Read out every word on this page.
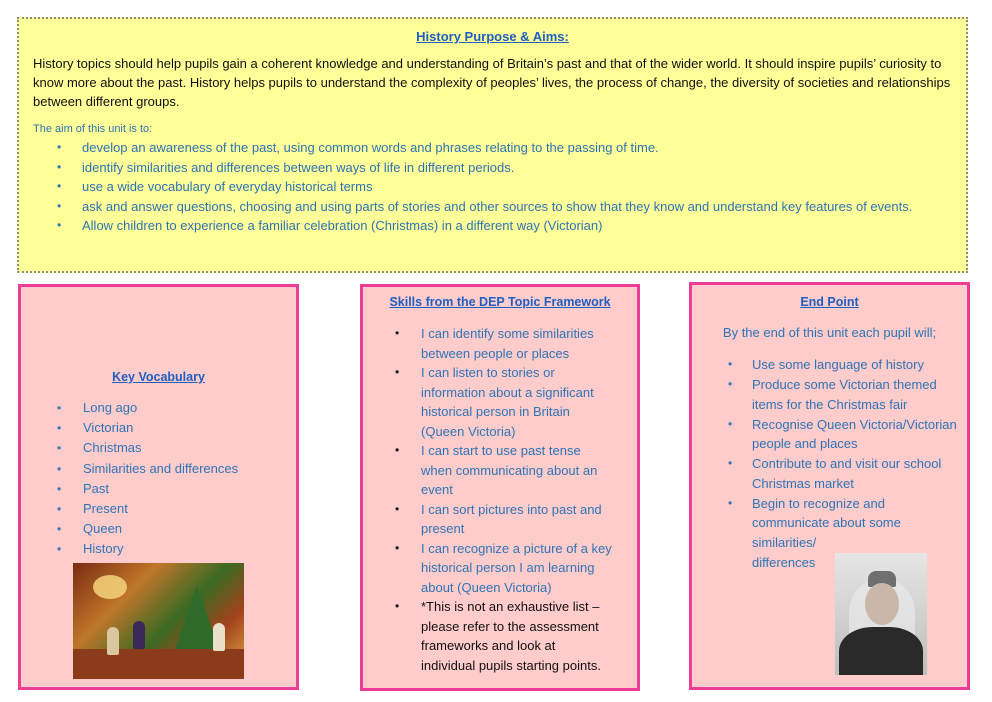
History Purpose & Aims:

History topics should help pupils gain a coherent knowledge and understanding of Britain’s past and that of the wider world. It should inspire pupils’ curiosity to know more about the past. History helps pupils to understand the complexity of peoples’ lives, the process of change, the diversity of societies and relationships between different groups.

The aim of this unit is to:
• develop an awareness of the past, using common words and phrases relating to the passing of time.
• identify similarities and differences between ways of life in different periods.
• use a wide vocabulary of everyday historical terms
• ask and answer questions, choosing and using parts of stories and other sources to show that they know and understand key features of events.
• Allow children to experience a familiar celebration (Christmas) in a different way (Victorian)
Key Vocabulary
• Long ago
• Victorian
• Christmas
• Similarities and differences
• Past
• Present
• Queen
• History
Skills from the DEP Topic Framework
• I can identify some similarities between people or places
• I can listen to stories or information about a significant historical person in Britain (Queen Victoria)
• I can start to use past tense when communicating about an event
• I can sort pictures into past and present
• I can recognize a picture of a key historical person I am learning about (Queen Victoria)
• *This is not an exhaustive list – please refer to the assessment frameworks and look at individual pupils starting points.
End Point
By the end of this unit each pupil will;
• Use some language of history
• Produce some Victorian themed items for the Christmas fair
• Recognise Queen Victoria/Victorian people and places
• Contribute to and visit our school Christmas market
• Begin to recognize and communicate about some
similarities/ differences
